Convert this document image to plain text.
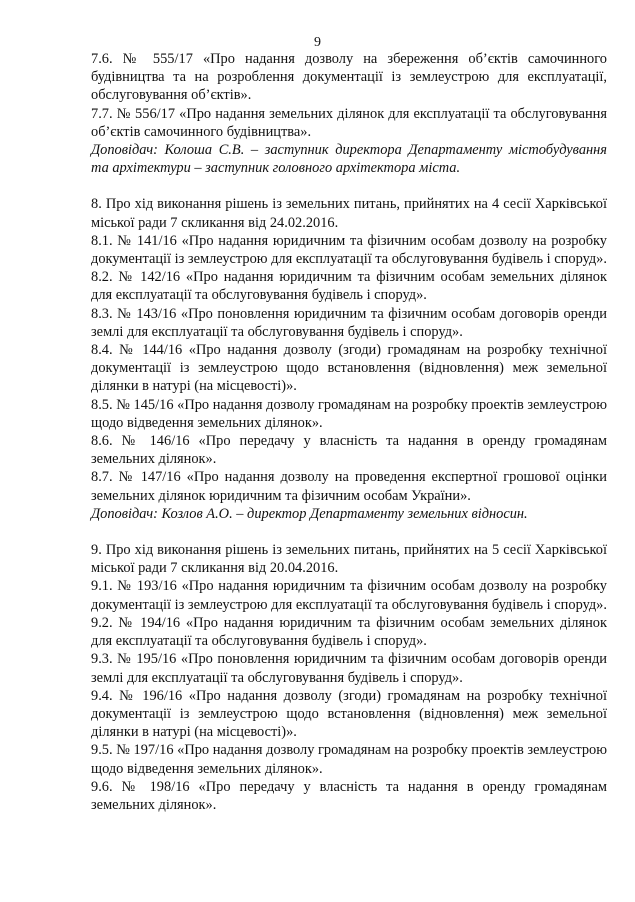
9

7.6. № 555/17 «Про надання дозволу на збереження об’єктів самочинного будівництва та на розроблення документації із землеустрою для експлуатації, обслуговування об’єктів».

7.7. № 556/17 «Про надання земельних ділянок для експлуатації та обслуговування об’єктів самочинного будівництва».

Доповідач: Колоша С.В. – заступник директора Департаменту містобудування та архітектури – заступник головного архітектора міста.

8. Про хід виконання рішень із земельних питань, прийнятих на 4 сесії Харківської міської ради 7 скликання від 24.02.2016.

8.1. № 141/16 «Про надання юридичним та фізичним особам дозволу на розробку документації із землеустрою для експлуатації та обслуговування будівель і споруд».

8.2. № 142/16 «Про надання юридичним та фізичним особам земельних ділянок для експлуатації та обслуговування будівель і споруд».

8.3. № 143/16 «Про поновлення юридичним та фізичним особам договорів оренди землі для експлуатації та обслуговування будівель і споруд».

8.4. № 144/16 «Про надання дозволу (згоди) громадянам на розробку технічної документації із землеустрою щодо встановлення (відновлення) меж земельної ділянки в натурі (на місцевості)».

8.5. № 145/16 «Про надання дозволу громадянам на розробку проектів землеустрою щодо відведення земельних ділянок».

8.6. № 146/16 «Про передачу у власність та надання в оренду громадянам земельних ділянок».

8.7. № 147/16 «Про надання дозволу на проведення експертної грошової оцінки земельних ділянок юридичним та фізичним особам України».

Доповідач: Козлов А.О. – директор Департаменту земельних відносин.

9. Про хід виконання рішень із земельних питань, прийнятих на 5 сесії Харківської міської ради 7 скликання від 20.04.2016.

9.1. № 193/16 «Про надання юридичним та фізичним особам дозволу на розробку документації із землеустрою для експлуатації та обслуговування будівель і споруд».

9.2. № 194/16 «Про надання юридичним та фізичним особам земельних ділянок для експлуатації та обслуговування будівель і споруд».

9.3. № 195/16 «Про поновлення юридичним та фізичним особам договорів оренди землі для експлуатації та обслуговування будівель і споруд».

9.4. № 196/16 «Про надання дозволу (згоди) громадянам на розробку технічної документації із землеустрою щодо встановлення (відновлення) меж земельної ділянки в натурі (на місцевості)».

9.5. № 197/16 «Про надання дозволу громадянам на розробку проектів землеустрою щодо відведення земельних ділянок».

9.6. № 198/16 «Про передачу у власність та надання в оренду громадянам земельних ділянок».
